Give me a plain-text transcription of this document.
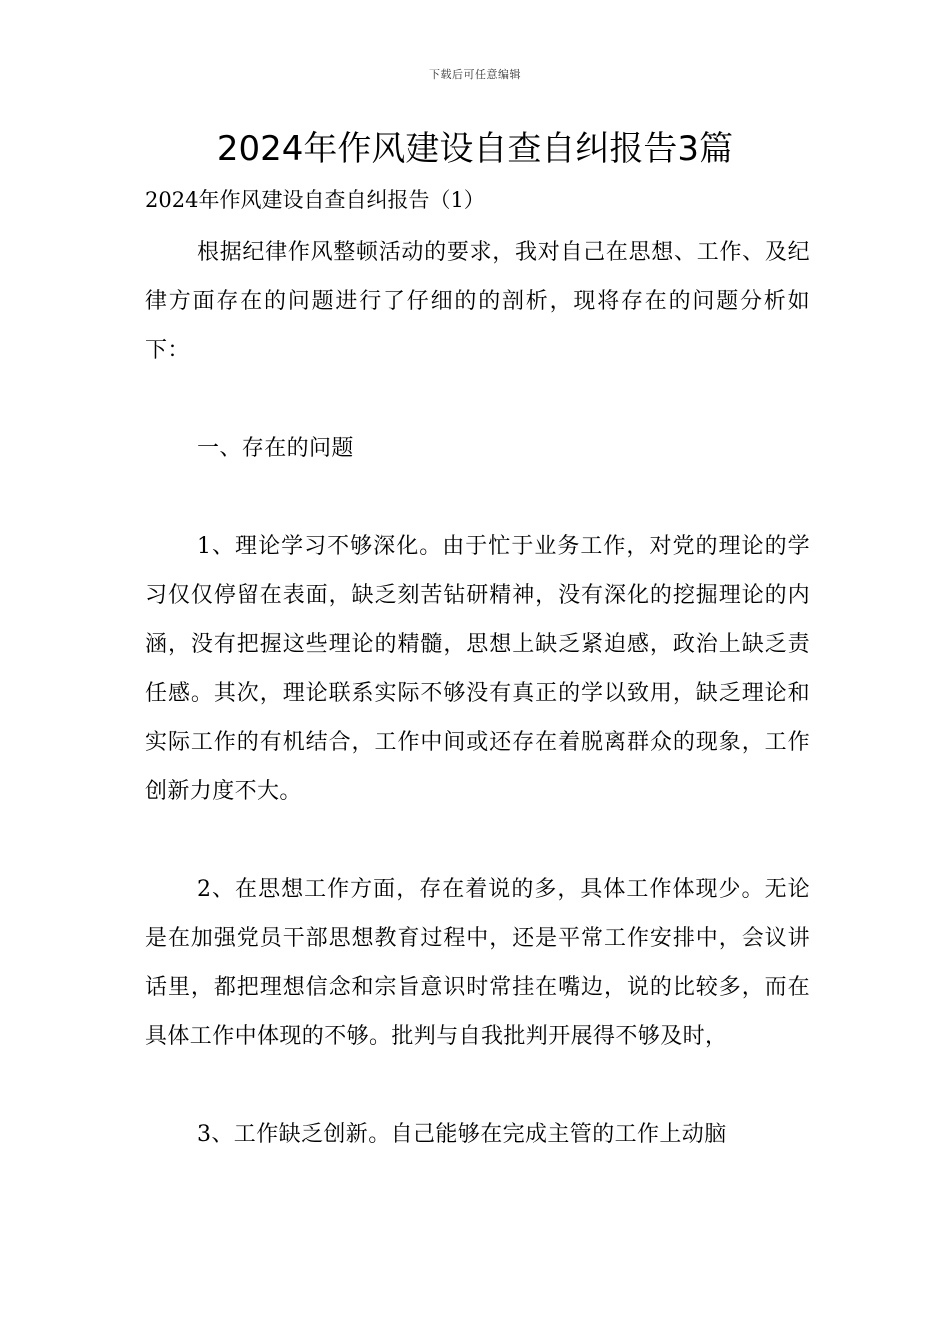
下载后可任意编辑
2024年作风建设自查自纠报告3篇
2024年作风建设自查自纠报告（1）

根据纪律作风整顿活动的要求，我对自己在思想、工作、及纪律方面存在的问题进行了仔细的的剖析，现将存在的问题分析如下：

一、存在的问题

1、理论学习不够深化。由于忙于业务工作，对党的理论的学习仅仅停留在表面，缺乏刻苦钻研精神，没有深化的挖掘理论的内涵，没有把握这些理论的精髓，思想上缺乏紧迫感，政治上缺乏责任感。其次，理论联系实际不够没有真正的学以致用，缺乏理论和实际工作的有机结合，工作中间或还存在着脱离群众的现象，工作创新力度不大。

2、在思想工作方面，存在着说的多，具体工作体现少。无论是在加强党员干部思想教育过程中，还是平常工作安排中，会议讲话里，都把理想信念和宗旨意识时常挂在嘴边，说的比较多，而在具体工作中体现的不够。批判与自我批判开展得不够及时，

3、工作缺乏创新。自己能够在完成主管的工作上动脑
